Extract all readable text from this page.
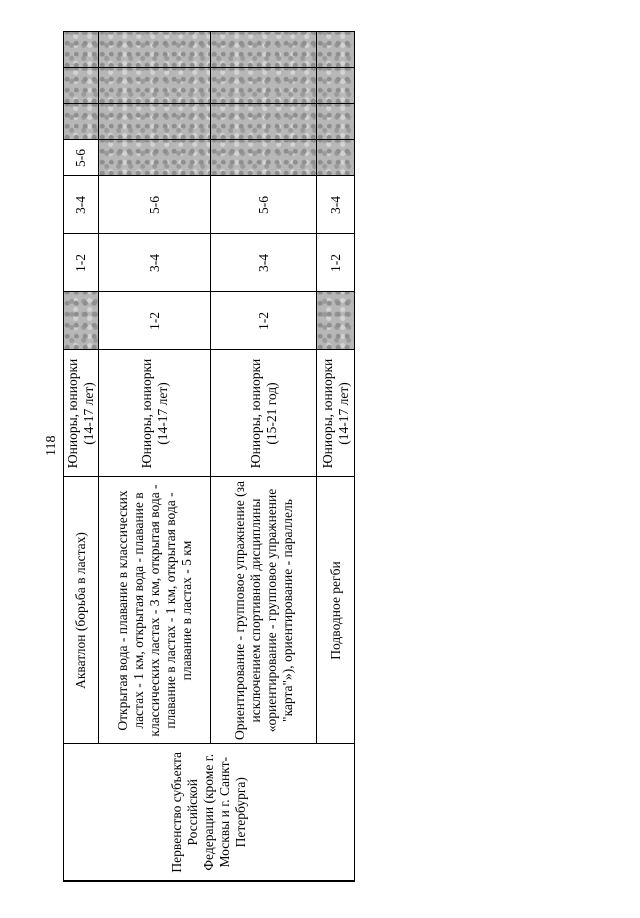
118
Первенство субъекта Российской Федерации (кроме г. Москвы и г. Санкт-Петербурга)	Акватлон (борьба в ластах)	Юниоры, юниорки (14-17 лет)		1-2	3-4	5-6			
	Открытая вода - плавание в классических ластах - 1 км, открытая вода - плавание в классических ластах - 3 км, открытая вода - плавание в ластах - 1 км, открытая вода - плавание в ластах - 5 км	Юниоры, юниорки (14-17 лет)	1-2	3-4	5-6				
	Ориентирование - групповое упражнение (за исключением спортивной дисциплины «ориентирование - групповое упражнение "карта"»), ориентирование - параллель	Юниоры, юниорки (15-21 год)	1-2	3-4	5-6				
	Подводное регби	Юниоры, юниорки (14-17 лет)		1-2	3-4				
